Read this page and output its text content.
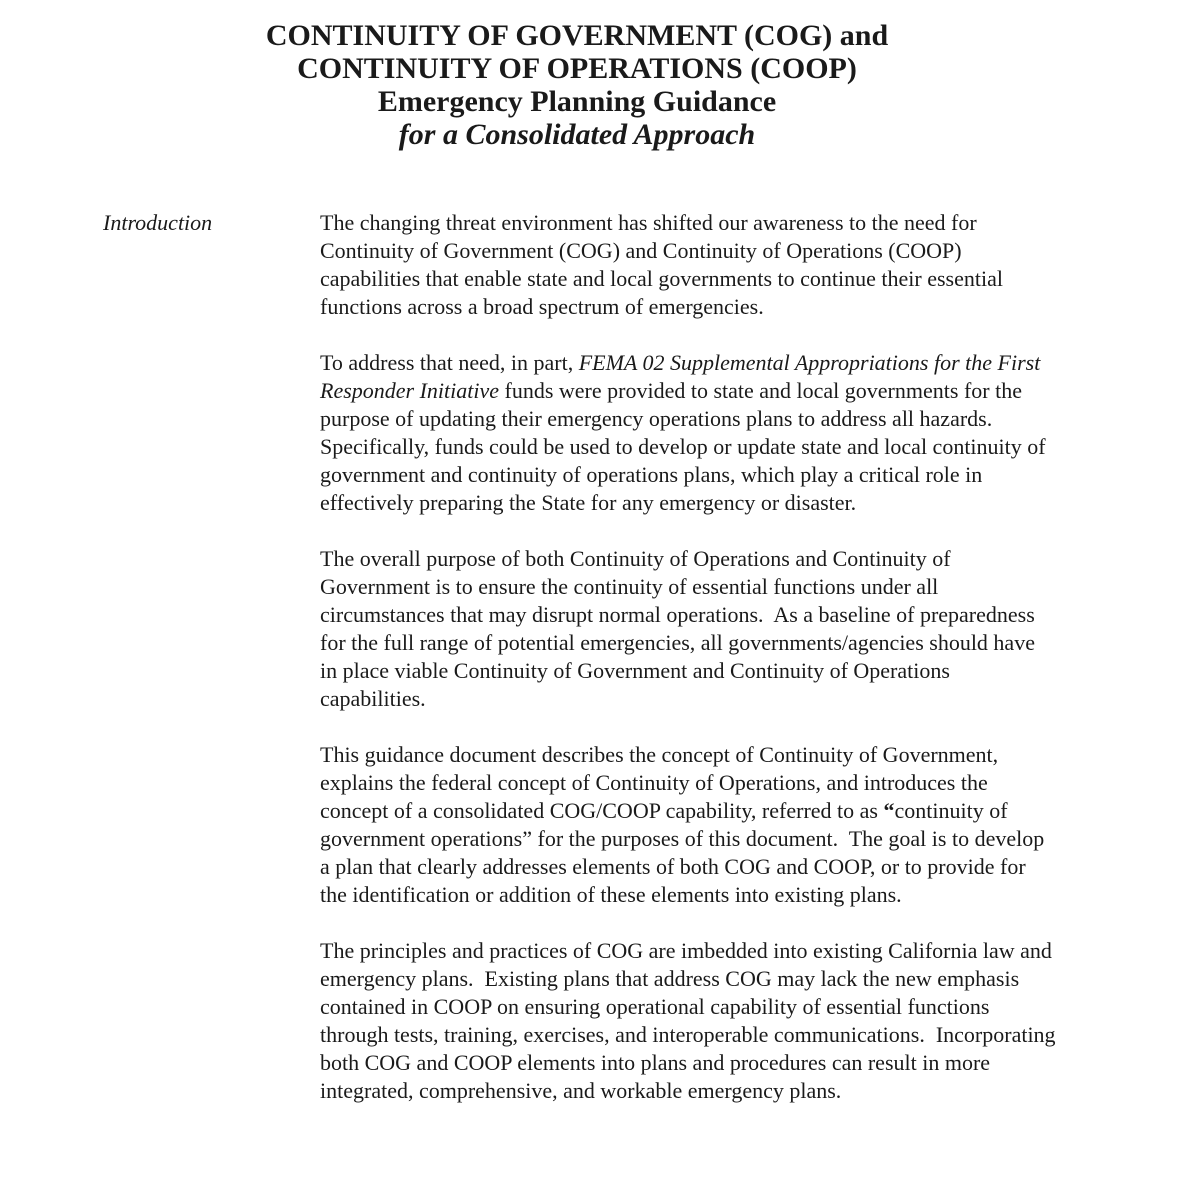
CONTINUITY OF GOVERNMENT (COG) and
CONTINUITY OF OPERATIONS (COOP)
Emergency Planning Guidance
for a Consolidated Approach
Introduction	The changing threat environment has shifted our awareness to the need for Continuity of Government (COG) and Continuity of Operations (COOP) capabilities that enable state and local governments to continue their essential functions across a broad spectrum of emergencies.

To address that need, in part, FEMA 02 Supplemental Appropriations for the First Responder Initiative funds were provided to state and local governments for the purpose of updating their emergency operations plans to address all hazards.  Specifically, funds could be used to develop or update state and local continuity of government and continuity of operations plans, which play a critical role in effectively preparing the State for any emergency or disaster.

The overall purpose of both Continuity of Operations and Continuity of Government is to ensure the continuity of essential functions under all circumstances that may disrupt normal operations.  As a baseline of preparedness for the full range of potential emergencies, all governments/agencies should have in place viable Continuity of Government and Continuity of Operations capabilities.

This guidance document describes the concept of Continuity of Government, explains the federal concept of Continuity of Operations, and introduces the concept of a consolidated COG/COOP capability, referred to as “continuity of government operations” for the purposes of this document.  The goal is to develop a plan that clearly addresses elements of both COG and COOP, or to provide for the identification or addition of these elements into existing plans.

The principles and practices of COG are imbedded into existing California law and emergency plans.  Existing plans that address COG may lack the new emphasis contained in COOP on ensuring operational capability of essential functions through tests, training, exercises, and interoperable communications.  Incorporating both COG and COOP elements into plans and procedures can result in more integrated, comprehensive, and workable emergency plans.
